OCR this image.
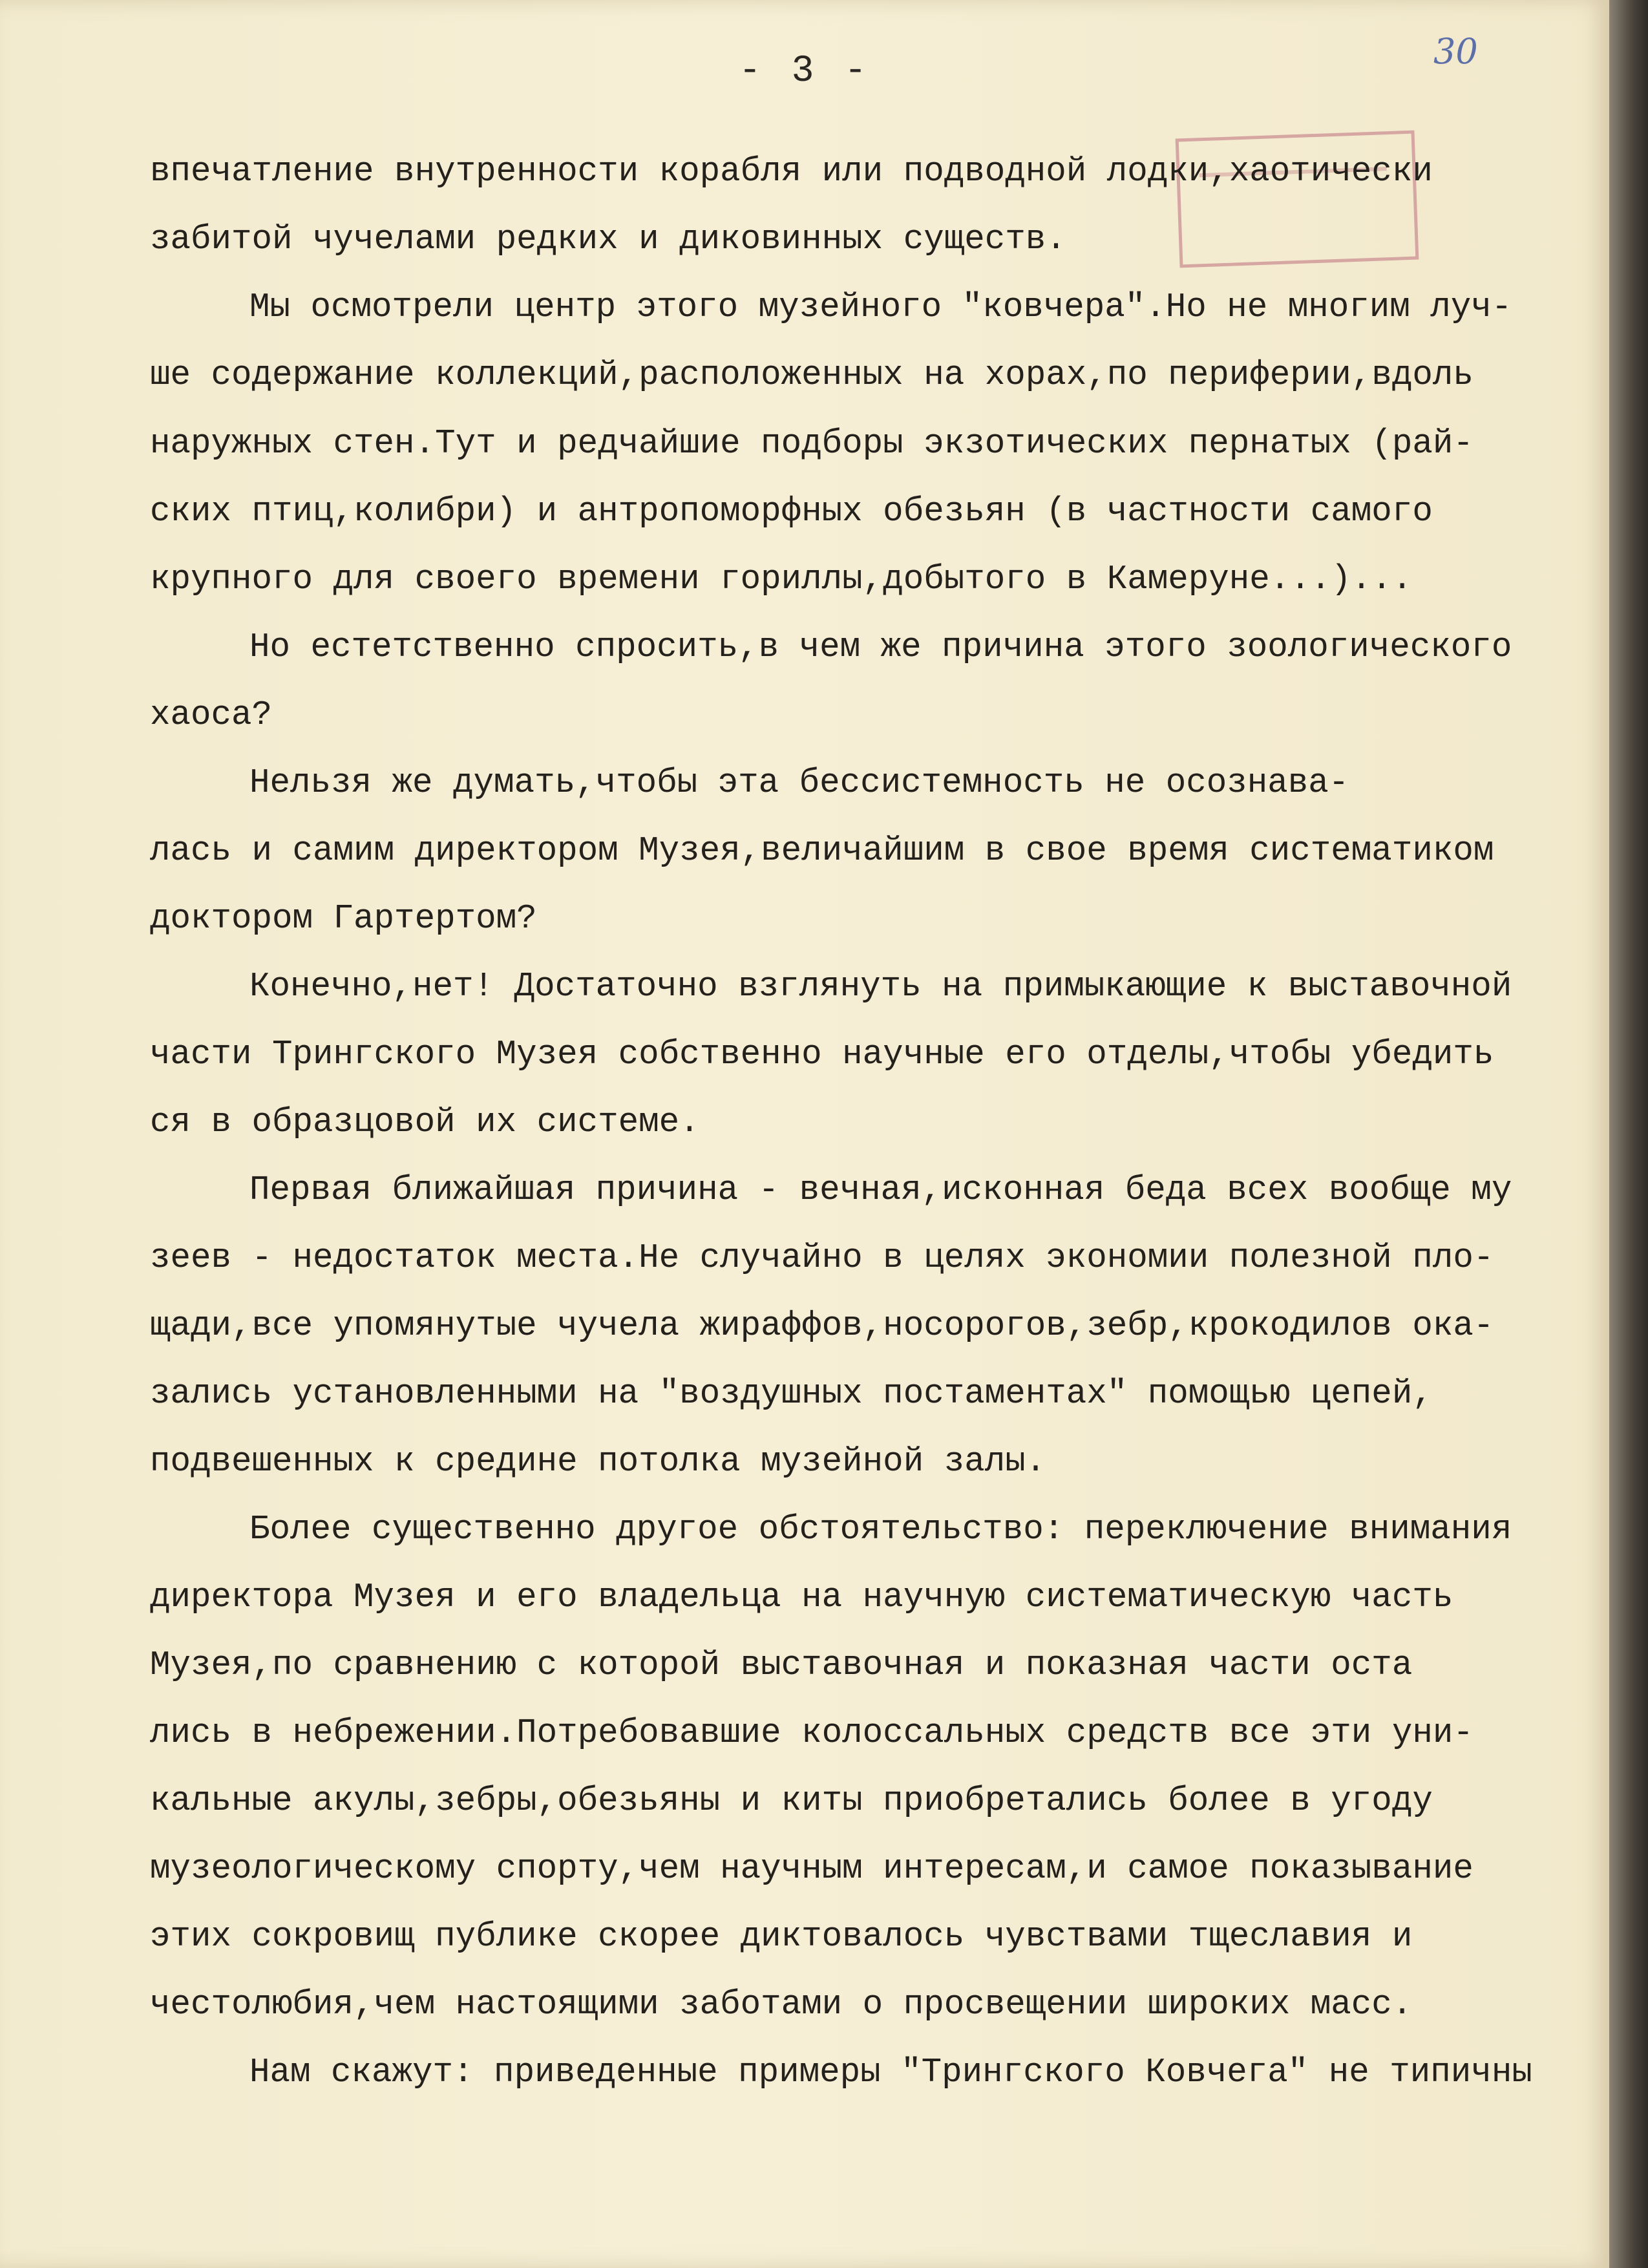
- 3 -	30
впечатление внутренности корабля или подводной лодки,хаотически
забитой чучелами редких и диковинных существ.
Мы осмотрели центр этого музейного "ковчера".Но не многим луч-
ше содержание коллекций,расположенных на хорах,по периферии,вдоль
наружных стен.Тут и редчайшие подборы экзотических пернатых (рай-
ских птиц,колибри) и антропоморфных обезьян (в частности самого
крупного для своего времени гориллы,добытого в Камеруне...)...
Но естетственно спросить,в чем же причина этого зоологического
хаоса?
Нельзя же думать,чтобы эта бессистемность не осознава-
лась и самим директором Музея,величайшим в свое время систематиком
доктором Гартертом?
Конечно,нет! Достаточно взглянуть на примыкающие к выставочной
части Трингского Музея собственно научные его отделы,чтобы убедить
ся в образцовой их системе.
Первая ближайшая причина - вечная,исконная беда всех вообще му
зеев - недостаток места.Не случайно в целях экономии полезной пло-
щади,все упомянутые чучела жираффов,носорогов,зебр,крокодилов ока-
зались установленными на "воздушных постаментах" помощью цепей,
подвешенных к средине потолка музейной залы.
Более существенно другое обстоятельство: переключение внимания
директора Музея и его владельца на научную систематическую часть
Музея,по сравнению с которой выставочная и показная части оста
лись в небрежении.Потребовавшие колоссальных средств все эти уни-
кальные акулы,зебры,обезьяны и киты приобретались более в угоду
музеологическому спорту,чем научным интересам,и самое показывание
этих сокровищ публике скорее диктовалось чувствами тщеславия и
честолюбия,чем настоящими заботами о просвещении широких масс.
Нам скажут: приведенные примеры "Трингского Ковчега" не типичны
